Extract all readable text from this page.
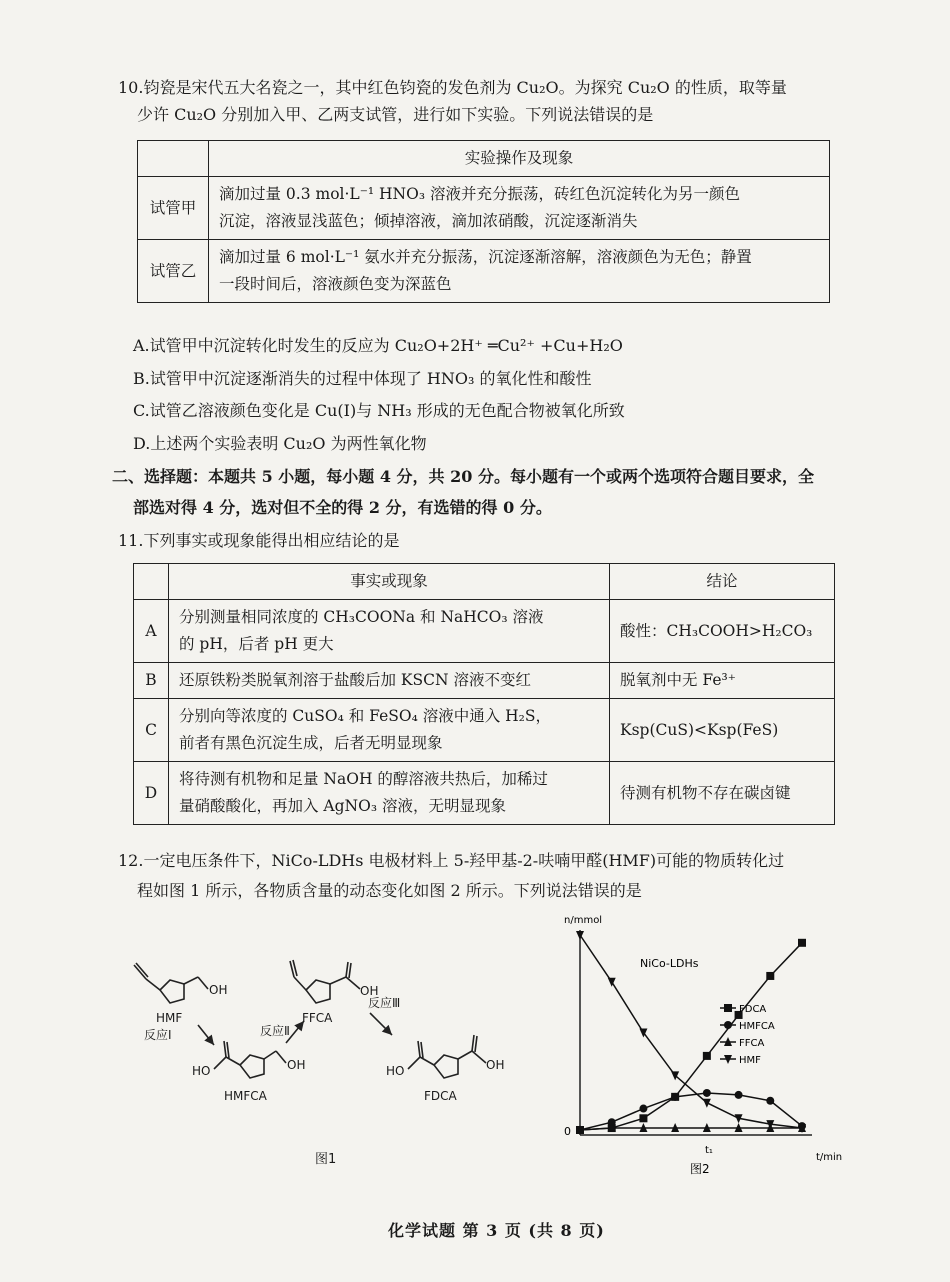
10.钧瓷是宋代五大名瓷之一，其中红色钧瓷的发色剂为 Cu₂O。为探究 Cu₂O 的性质，取等量
少许 Cu₂O 分别加入甲、乙两支试管，进行如下实验。下列说法错误的是
	实验操作及现象
试管甲	滴加过量 0.3 mol·L⁻¹ HNO₃ 溶液并充分振荡，砖红色沉淀转化为另一颜色
沉淀，溶液显浅蓝色；倾掉溶液，滴加浓硝酸，沉淀逐渐消失

试管乙	滴加过量 6 mol·L⁻¹ 氨水并充分振荡，沉淀逐渐溶解，溶液颜色为无色；静置
一段时间后，溶液颜色变为深蓝色
A.试管甲中沉淀转化时发生的反应为 Cu₂O+2H⁺ ═Cu²⁺ +Cu+H₂O
B.试管甲中沉淀逐渐消失的过程中体现了 HNO₃ 的氧化性和酸性
C.试管乙溶液颜色变化是 Cu(Ⅰ)与 NH₃ 形成的无色配合物被氧化所致
D.上述两个实验表明 Cu₂O 为两性氧化物
二、选择题：本题共 5 小题，每小题 4 分，共 20 分。每小题有一个或两个选项符合题目要求，全
部选对得 4 分，选对但不全的得 2 分，有选错的得 0 分。
11.下列事实或现象能得出相应结论的是
	事实或现象	结论
A	分别测量相同浓度的 CH₃COONa 和 NaHCO₃ 溶液
的 pH，后者 pH 更大	酸性：CH₃COOH>H₂CO₃
B	还原铁粉类脱氧剂溶于盐酸后加 KSCN 溶液不变红	脱氧剂中无 Fe³⁺
C	分别向等浓度的 CuSO₄ 和 FeSO₄ 溶液中通入 H₂S，
前者有黑色沉淀生成，后者无明显现象	Ksp(CuS)<Ksp(FeS)
D	将待测有机物和足量 NaOH 的醇溶液共热后，加稀过
量硝酸酸化，再加入 AgNO₃ 溶液，无明显现象	待测有机物不存在碳卤键
12.一定电压条件下，NiCo-LDHs 电极材料上 5-羟甲基-2-呋喃甲醛(HMF)可能的物质转化过
程如图 1 所示，各物质含量的动态变化如图 2 所示。下列说法错误的是
OH
HMF
OH
FFCA
HO	OH
HMFCA
HO	OH
FDCA
反应Ⅰ	反应Ⅱ
反应Ⅲ
图1
n/mmol
t/min
0
t₁
NiCo-LDHs
图2
FDCA
HMFCA
FFCA
HMF
化学试题 第 3 页 (共 8 页)
